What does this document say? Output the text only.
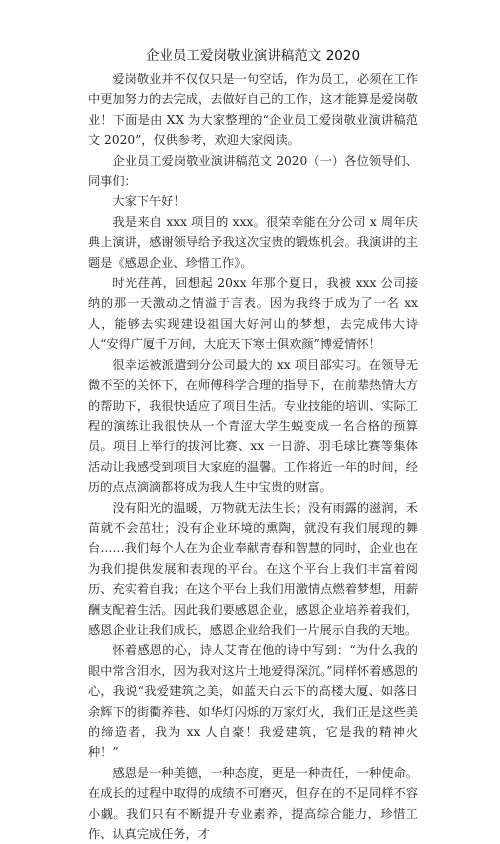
企业员工爱岗敬业演讲稿范文 2020

爱岗敬业并不仅仅只是一句空话，作为员工，必须在工作中更加努力的去完成，去做好自己的工作，这才能算是爱岗敬业！下面是由 XX 为大家整理的“企业员工爱岗敬业演讲稿范文 2020”，仅供参考，欢迎大家阅读。

企业员工爱岗敬业演讲稿范文 2020（一）各位领导们、同事们：

大家下午好！

我是来自 xxx 项目的 xxx。很荣幸能在分公司 x 周年庆典上演讲，感谢领导给予我这次宝贵的锻炼机会。我演讲的主题是《感恩企业、珍惜工作》。

时光荏苒，回想起 20xx 年那个夏日，我被 xxx 公司接纳的那一天激动之情溢于言表。因为我终于成为了一名 xx 人，能够去实现建设祖国大好河山的梦想，去完成伟大诗人“安得广厦千万间，大庇天下寒士俱欢颜”博爱情怀！

很幸运被派遣到分公司最大的 xx 项目部实习。在领导无微不至的关怀下，在师傅科学合理的指导下，在前辈热情大方的帮助下，我很快适应了项目生活。专业技能的培训、实际工程的演练让我很快从一个青涩大学生蜕变成一名合格的预算员。项目上举行的拔河比赛、xx 一日游、羽毛球比赛等集体活动让我感受到项目大家庭的温馨。工作将近一年的时间，经历的点点滴滴都将成为我人生中宝贵的财富。

没有阳光的温暖，万物就无法生长；没有雨露的滋润，禾苗就不会茁壮；没有企业环境的熏陶，就没有我们展现的舞台……我们每个人在为企业奉献青春和智慧的同时，企业也在为我们提供发展和表现的平台。在这个平台上我们丰富着阅历、充实着自我；在这个平台上我们用激情点燃着梦想，用薪酬支配着生活。因此我们要感恩企业，感恩企业培养着我们，感恩企业让我们成长，感恩企业给我们一片展示自我的天地。

怀着感恩的心，诗人艾青在他的诗中写到：“为什么我的眼中常含泪水，因为我对这片土地爱得深沉。”同样怀着感恩的心，我说“我爱建筑之美，如蓝天白云下的高楼大厦、如落日余辉下的街衢养巷、如华灯闪烁的万家灯火，我们正是这些美的缔造者，我为 xx 人自豪！我爱建筑，它是我的精神火种！”

感恩是一种美德，一种态度，更是一种责任，一种使命。在成长的过程中取得的成绩不可磨灭，但存在的不足同样不容小觑。我们只有不断提升专业素养，提高综合能力，珍惜工作、认真完成任务，才
